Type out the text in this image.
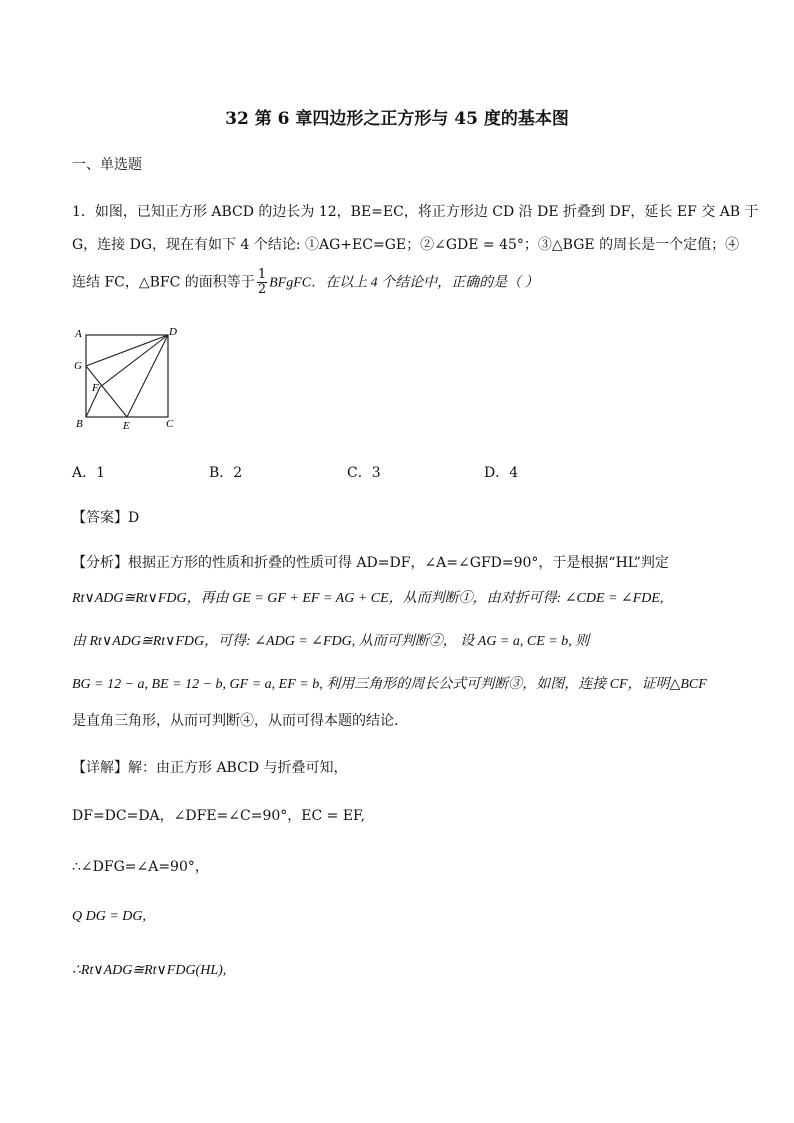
32 第 6 章四边形之正方形与 45 度的基本图
一、单选题
1．如图，已知正方形 ABCD 的边长为 12，BE=EC，将正方形边 CD 沿 DE 折叠到 DF，延长 EF 交 AB 于
G，连接 DG，现在有如下 4 个结论: ①AG+EC=GE；②∠GDE = 45°；③△BGE 的周长是一个定值；④
连结 FC，△BFC 的面积等于 $\frac{1}{2}$ BFgFC．在以上 4 个结论中，正确的是（ ）
A	D
G
F
B	E	C
A．1	B．2	C．3	D．4
【答案】D
【分析】根据正方形的性质和折叠的性质可得 AD=DF，∠A=∠GFD=90°，于是根据“HL”判定
Rt∨ADG≅Rt∨FDG，再由 GE = GF + EF = AG + CE，从而判断①，由对折可得: ∠CDE = ∠FDE,
由 Rt∨ADG≅Rt∨FDG，可得: ∠ADG = ∠FDG, 从而可判断②， 设 AG = a, CE = b, 则
BG = 12 − a, BE = 12 − b, GF = a, EF = b, 利用三角形的周长公式可判断③，如图，连接 CF，证明△BCF
是直角三角形，从而可判断④，从而可得本题的结论．
【详解】解：由正方形 ABCD 与折叠可知，
DF=DC=DA，∠DFE=∠C=90°，EC = EF,
∴∠DFG=∠A=90°，
Q DG = DG,
∴Rt∨ADG≅Rt∨FDG(HL),
